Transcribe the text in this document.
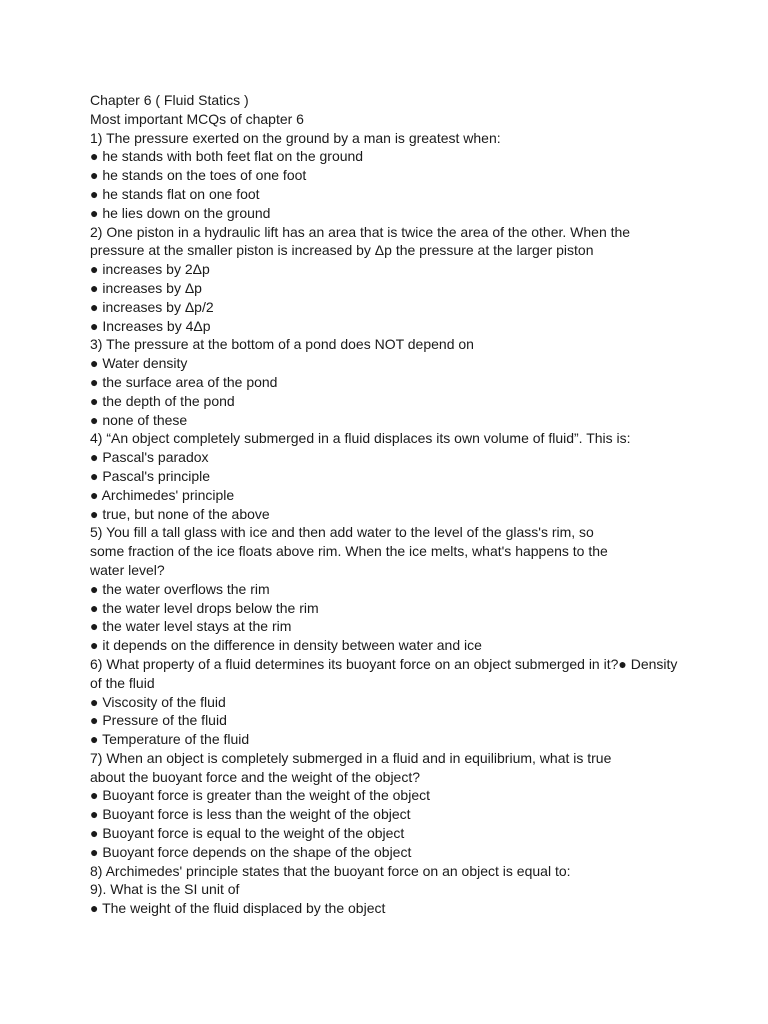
Chapter 6 ( Fluid Statics )
Most important MCQs of chapter 6
1) The pressure exerted on the ground by a man is greatest when:
● he stands with both feet flat on the ground
● he stands on the toes of one foot
● he stands flat on one foot
● he lies down on the ground
2) One piston in a hydraulic lift has an area that is twice the area of the other. When the
pressure at the smaller piston is increased by Δp the pressure at the larger piston
● increases by 2Δp
● increases by Δp
● increases by Δp/2
● Increases by 4Δp
3) The pressure at the bottom of a pond does NOT depend on
● Water density
● the surface area of the pond
● the depth of the pond
● none of these
4) “An object completely submerged in a fluid displaces its own volume of fluid”. This is:
● Pascal's paradox
● Pascal's principle
● Archimedes' principle
● true, but none of the above
5) You fill a tall glass with ice and then add water to the level of the glass's rim, so
some fraction of the ice floats above rim. When the ice melts, what's happens to the
water level?
● the water overflows the rim
● the water level drops below the rim
● the water level stays at the rim
● it depends on the difference in density between water and ice
6) What property of a fluid determines its buoyant force on an object submerged in it?● Density
of the fluid
● Viscosity of the fluid
● Pressure of the fluid
● Temperature of the fluid
7) When an object is completely submerged in a fluid and in equilibrium, what is true
about the buoyant force and the weight of the object?
● Buoyant force is greater than the weight of the object
● Buoyant force is less than the weight of the object
● Buoyant force is equal to the weight of the object
● Buoyant force depends on the shape of the object
8) Archimedes' principle states that the buoyant force on an object is equal to:
9). What is the SI unit of
● The weight of the fluid displaced by the object
